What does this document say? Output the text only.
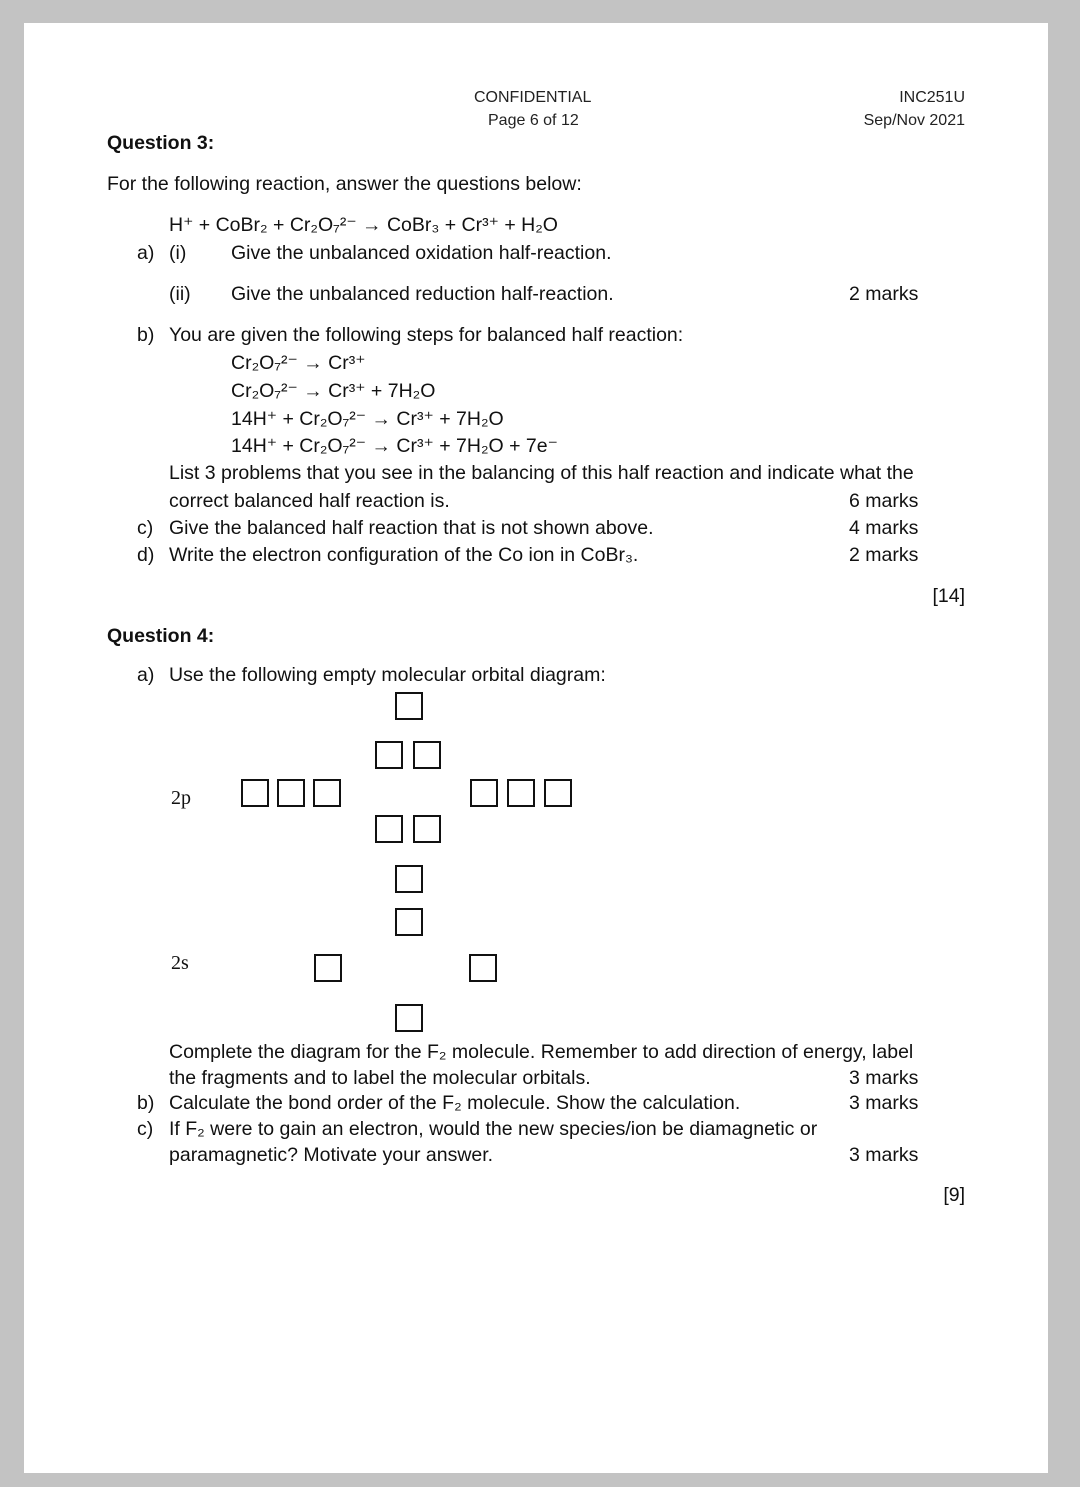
CONFIDENTIAL
Page 6 of 12
INC251U
Sep/Nov 2021
Question 3:
For the following reaction, answer the questions below:
H⁺ + CoBr₂ + Cr₂O₇²⁻ → CoBr₃ + Cr³⁺ + H₂O
a) (i) Give the unbalanced oxidation half-reaction.
(ii) Give the unbalanced reduction half-reaction.	2 marks
b) You are given the following steps for balanced half reaction:
Cr₂O₇²⁻ → Cr³⁺
Cr₂O₇²⁻ → Cr³⁺ + 7H₂O
14H⁺ + Cr₂O₇²⁻ → Cr³⁺ + 7H₂O
14H⁺ + Cr₂O₇²⁻ → Cr³⁺ + 7H₂O + 7e⁻
List 3 problems that you see in the balancing of this half reaction and indicate what the
correct balanced half reaction is.	6 marks
c) Give the balanced half reaction that is not shown above.	4 marks
d) Write the electron configuration of the Co ion in CoBr₃.	2 marks
[14]
Question 4:
a) Use the following empty molecular orbital diagram:
2p
2s
Complete the diagram for the F₂ molecule. Remember to add direction of energy, label
the fragments and to label the molecular orbitals.	3 marks
b) Calculate the bond order of the F₂ molecule. Show the calculation.	3 marks
c) If F₂ were to gain an electron, would the new species/ion be diamagnetic or
paramagnetic? Motivate your answer.	3 marks
[9]
